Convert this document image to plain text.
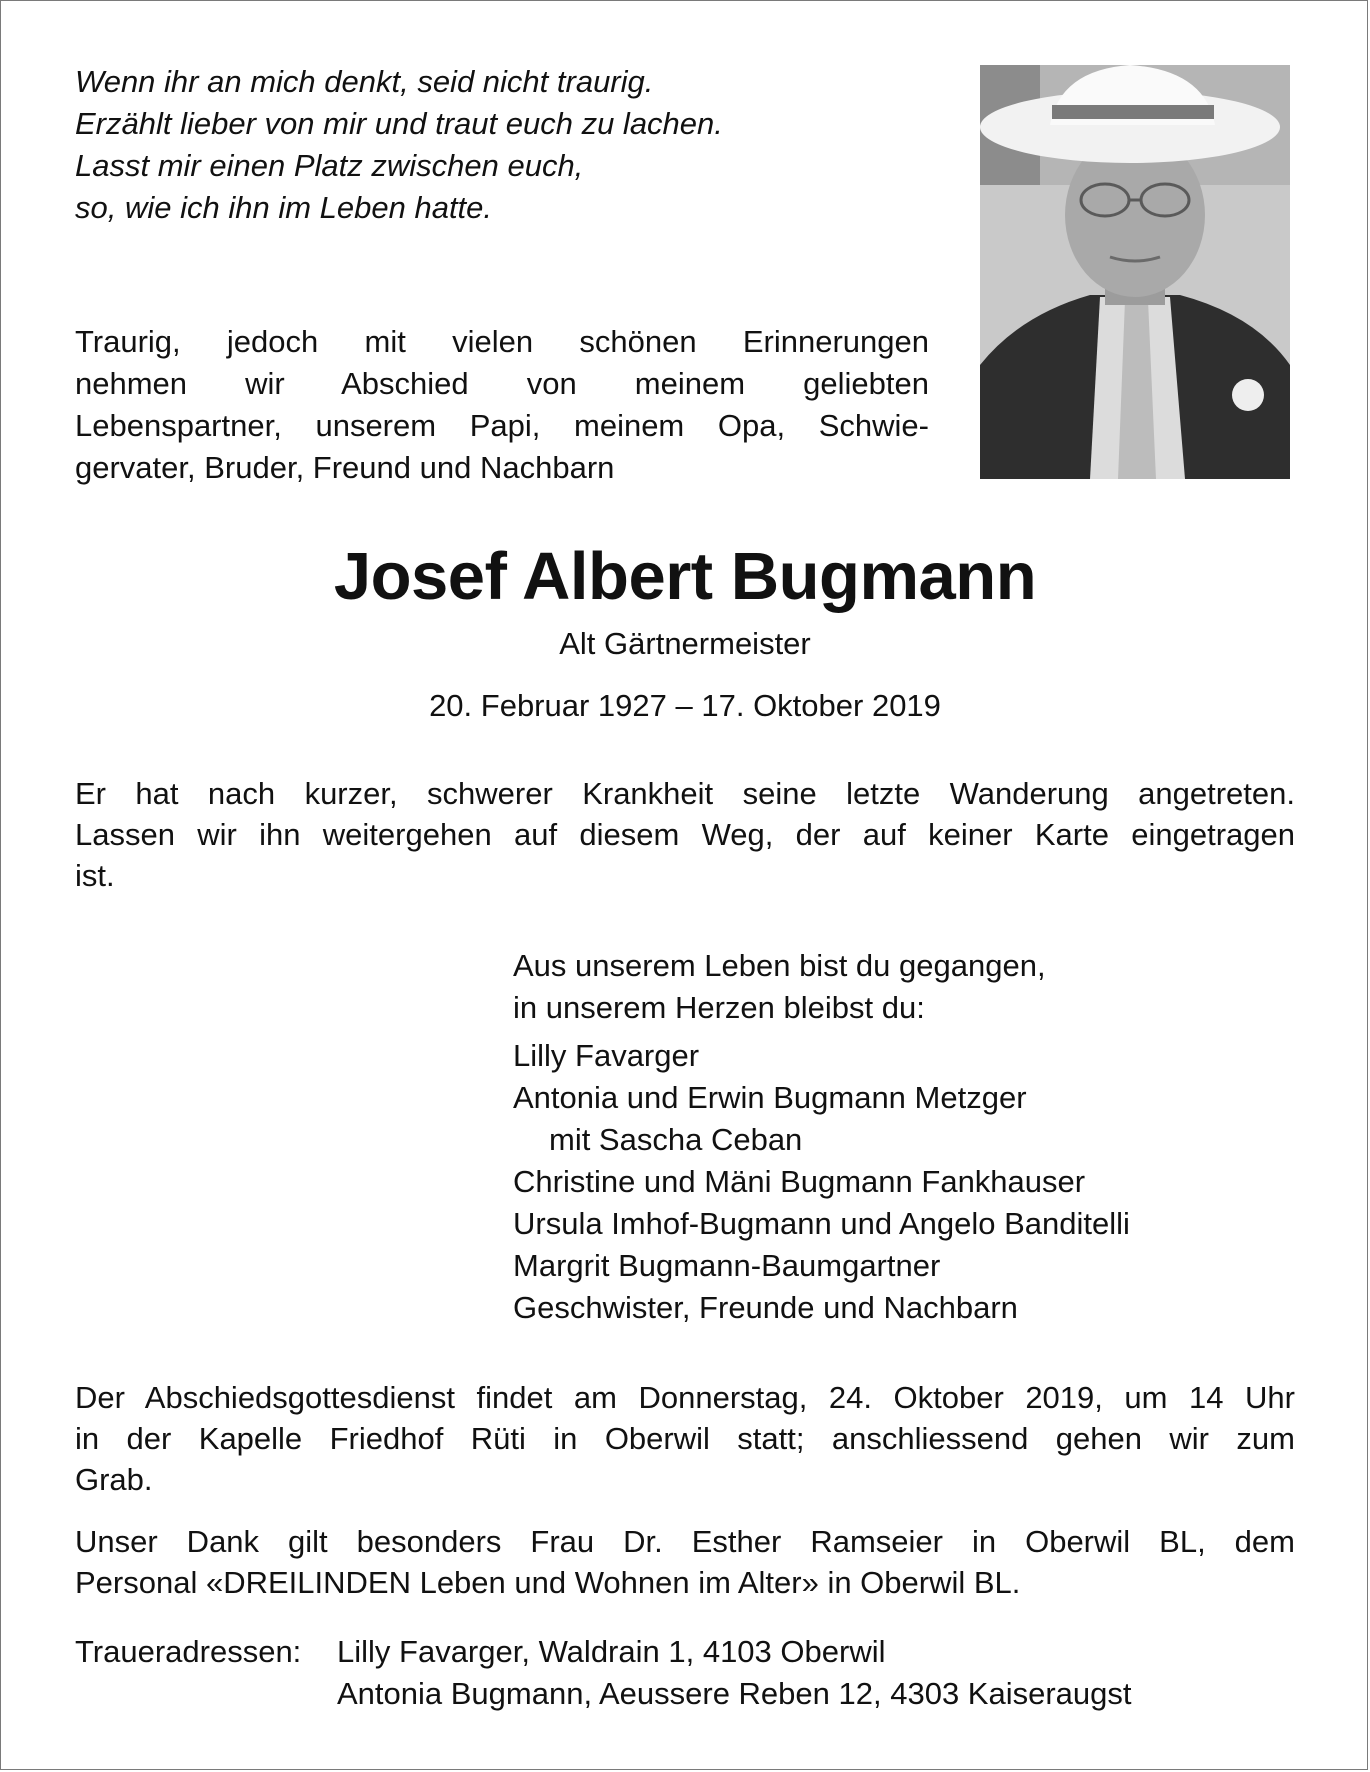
Wenn ihr an mich denkt, seid nicht traurig.
Erzählt lieber von mir und traut euch zu lachen.
Lasst mir einen Platz zwischen euch,
so, wie ich ihn im Leben hatte.
Traurig, jedoch mit vielen schönen Erinnerungen
nehmen wir Abschied von meinem geliebten
Lebenspartner, unserem Papi, meinem Opa, Schwie-
gervater, Bruder, Freund und Nachbarn
Josef Albert Bugmann

Alt Gärtnermeister

20. Februar 1927 – 17. Oktober 2019

Er hat nach kurzer, schwerer Krankheit seine letzte Wanderung angetreten.
Lassen wir ihn weitergehen auf diesem Weg, der auf keiner Karte eingetragen
ist.
Aus unserem Leben bist du gegangen,
in unserem Herzen bleibst du:
Lilly Favarger
Antonia und Erwin Bugmann Metzger
mit Sascha Ceban
Christine und Mäni Bugmann Fankhauser
Ursula Imhof-Bugmann und Angelo Banditelli
Margrit Bugmann-Baumgartner
Geschwister, Freunde und Nachbarn
Der Abschiedsgottesdienst findet am Donnerstag, 24. Oktober 2019, um 14 Uhr
in der Kapelle Friedhof Rüti in Oberwil statt; anschliessend gehen wir zum
Grab.
Unser Dank gilt besonders Frau Dr. Esther Ramseier in Oberwil BL, dem
Personal «DREILINDEN Leben und Wohnen im Alter» in Oberwil BL.
Traueradressen:	Lilly Favarger, Waldrain 1, 4103 Oberwil
Antonia Bugmann, Aeussere Reben 12, 4303 Kaiseraugst
